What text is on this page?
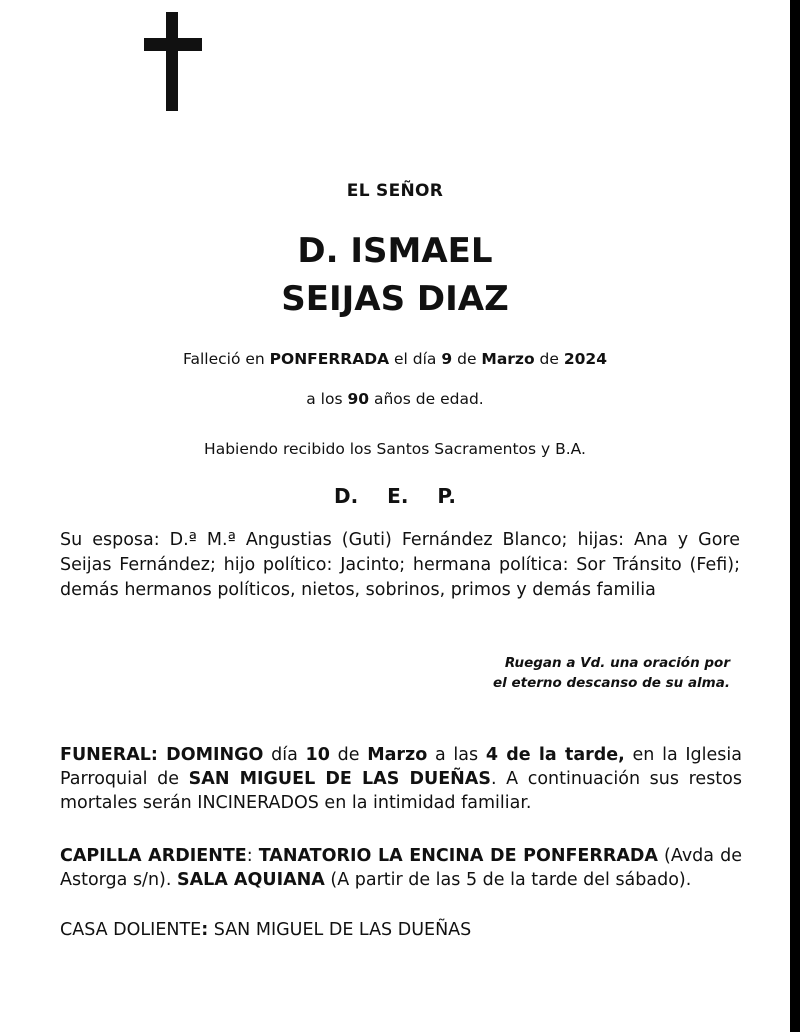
EL SEÑOR
D. ISMAEL
SEIJAS DIAZ
Falleció en PONFERRADA el día 9 de Marzo de 2024
a los 90 años de edad.
Habiendo recibido los Santos Sacramentos y B.A.
D. E. P.
Su esposa: D.ª M.ª Angustias (Guti) Fernández Blanco; hijas: Ana y Gore Seijas Fernández; hijo político: Jacinto; hermana política: Sor Tránsito (Fefi); demás hermanos políticos, nietos, sobrinos, primos y demás familia
Ruegan a Vd. una oración por
el eterno descanso de su alma.
FUNERAL: DOMINGO día 10 de Marzo a las 4 de la tarde, en la Iglesia Parroquial de SAN MIGUEL DE LAS DUEÑAS. A continuación sus restos mortales serán INCINERADOS en la intimidad familiar.
CAPILLA ARDIENTE: TANATORIO LA ENCINA DE PONFERRADA (Avda de Astorga s/n). SALA AQUIANA (A partir de las 5 de la tarde del sábado).
CASA DOLIENTE: SAN MIGUEL DE LAS DUEÑAS
